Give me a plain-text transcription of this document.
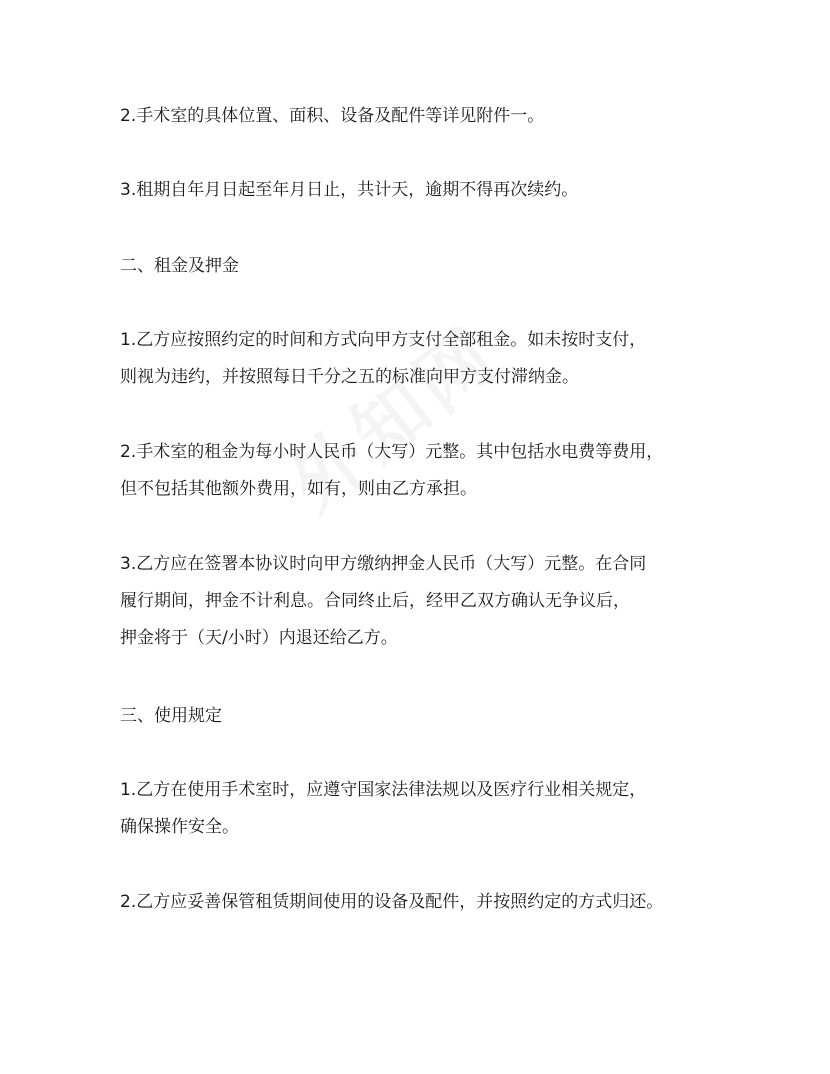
2.手术室的具体位置、面积、设备及配件等详见附件一。
3.租期自年月日起至年月日止，共计天，逾期不得再次续约。
二、租金及押金
1.乙方应按照约定的时间和方式向甲方支付全部租金。如未按时支付，
则视为违约，并按照每日千分之五的标准向甲方支付滞纳金。
2.手术室的租金为每小时人民币（大写）元整。其中包括水电费等费用，
但不包括其他额外费用，如有，则由乙方承担。
3.乙方应在签署本协议时向甲方缴纳押金人民币（大写）元整。在合同
履行期间，押金不计利息。合同终止后，经甲乙双方确认无争议后，
押金将于（天/小时）内退还给乙方。
三、使用规定
1.乙方在使用手术室时，应遵守国家法律法规以及医疗行业相关规定，
确保操作安全。
2.乙方应妥善保管租赁期间使用的设备及配件，并按照约定的方式归还。
